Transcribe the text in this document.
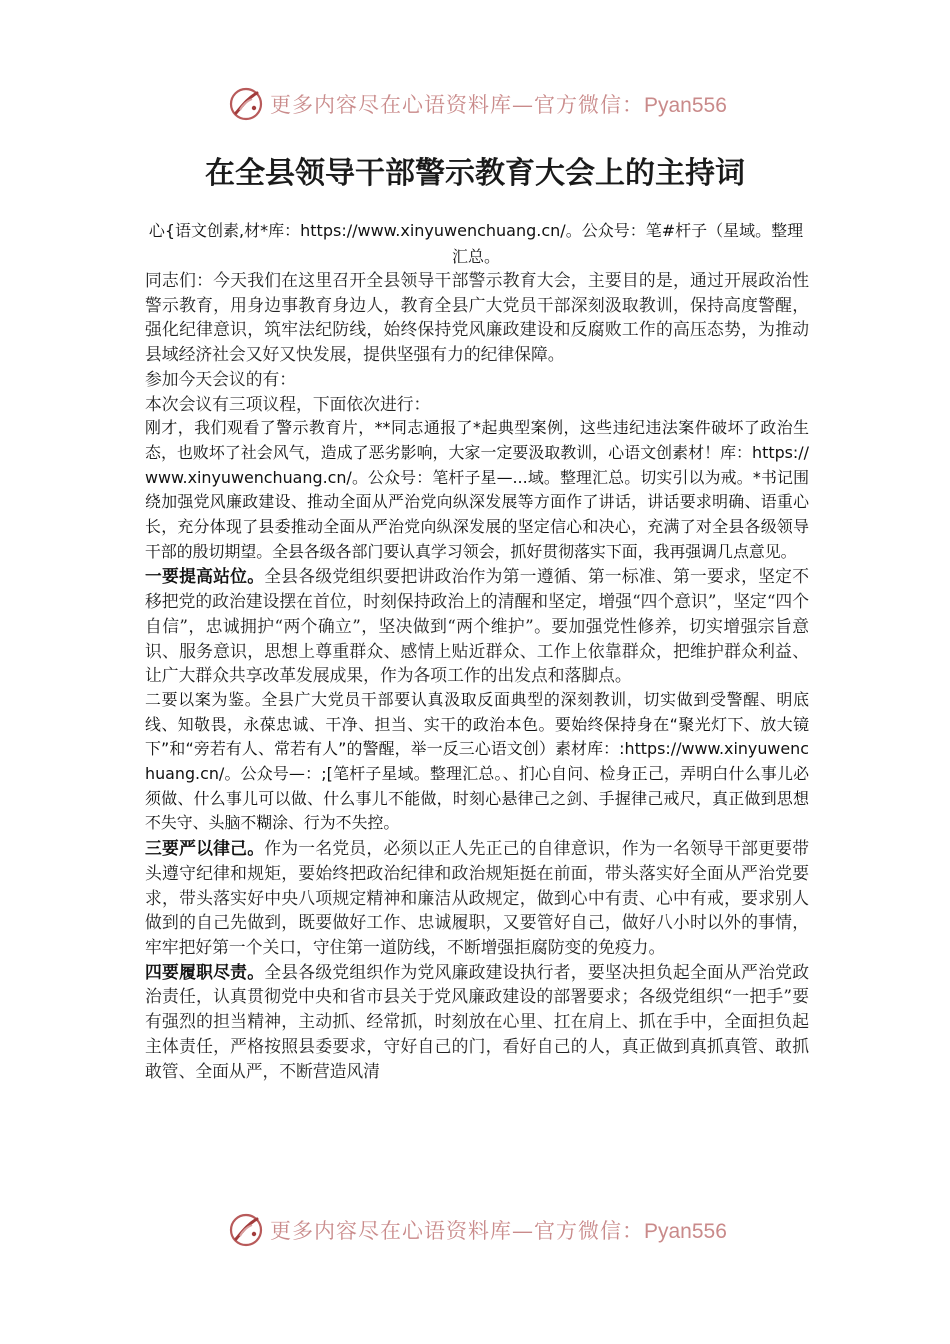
更多内容尽在心语资料库—官方微信：Pyan556
在全县领导干部警示教育大会上的主持词
心{语文创素,材*库：https://www.xinyuwenchuang.cn/。公众号：笔#杆子（星域。整理汇总。

同志们：今天我们在这里召开全县领导干部警示教育大会，主要目的是，通过开展政治性警示教育，用身边事教育身边人，教育全县广大党员干部深刻汲取教训，保持高度警醒，强化纪律意识，筑牢法纪防线，始终保持党风廉政建设和反腐败工作的高压态势，为推动县域经济社会又好又快发展，提供坚强有力的纪律保障。

参加今天会议的有：

本次会议有三项议程，下面依次进行：

刚才，我们观看了警示教育片，**同志通报了*起典型案例，这些违纪违法案件破坏了政治生态，也败坏了社会风气，造成了恶劣影响，大家一定要汲取教训，心语文创素材！库：https://www.xinyuwenchuang.cn/。公众号：笔杆子星—...域。整理汇总。切实引以为戒。*书记围绕加强党风廉政建设、推动全面从严治党向纵深发展等方面作了讲话，讲话要求明确、语重心长，充分体现了县委推动全面从严治党向纵深发展的坚定信心和决心，充满了对全县各级领导干部的殷切期望。全县各级各部门要认真学习领会，抓好贯彻落实下面，我再强调几点意见。

一要提高站位。全县各级党组织要把讲政治作为第一遵循、第一标准、第一要求，坚定不移把党的政治建设摆在首位，时刻保持政治上的清醒和坚定，增强“四个意识”，坚定“四个自信”，忠诚拥护“两个确立”，坚决做到“两个维护”。要加强党性修养，切实增强宗旨意识、服务意识，思想上尊重群众、感情上贴近群众、工作上依靠群众，把维护群众利益、让广大群众共享改革发展成果，作为各项工作的出发点和落脚点。

二要以案为鉴。全县广大党员干部要认真汲取反面典型的深刻教训，切实做到受警醒、明底线、知敬畏，永葆忠诚、干净、担当、实干的政治本色。要始终保持身在“聚光灯下、放大镜下”和“旁若有人、常若有人”的警醒，举一反三心语文创）素材库：:https://www.xinyuwenchuang.cn/。公众号—：;[笔杆子星域。整理汇总。、扪心自问、检身正己，弄明白什么事儿必须做、什么事儿可以做、什么事儿不能做，时刻心悬律己之剑、手握律己戒尺，真正做到思想不失守、头脑不糊涂、行为不失控。

三要严以律己。作为一名党员，必须以正人先正己的自律意识，作为一名领导干部更要带头遵守纪律和规矩，要始终把政治纪律和政治规矩挺在前面，带头落实好全面从严治党要求，带头落实好中央八项规定精神和廉洁从政规定，做到心中有责、心中有戒，要求别人做到的自己先做到，既要做好工作、忠诚履职，又要管好自己，做好八小时以外的事情，牢牢把好第一个关口，守住第一道防线，不断增强拒腐防变的免疫力。

四要履职尽责。全县各级党组织作为党风廉政建设执行者，要坚决担负起全面从严治党政治责任，认真贯彻党中央和省市县关于党风廉政建设的部署要求；各级党组织“一把手”要有强烈的担当精神，主动抓、经常抓，时刻放在心里、扛在肩上、抓在手中，全面担负起主体责任，严格按照县委要求，守好自己的门，看好自己的人，真正做到真抓真管、敢抓敢管、全面从严，不断营造风清

更多内容尽在心语资料库—官方微信：Pyan556
